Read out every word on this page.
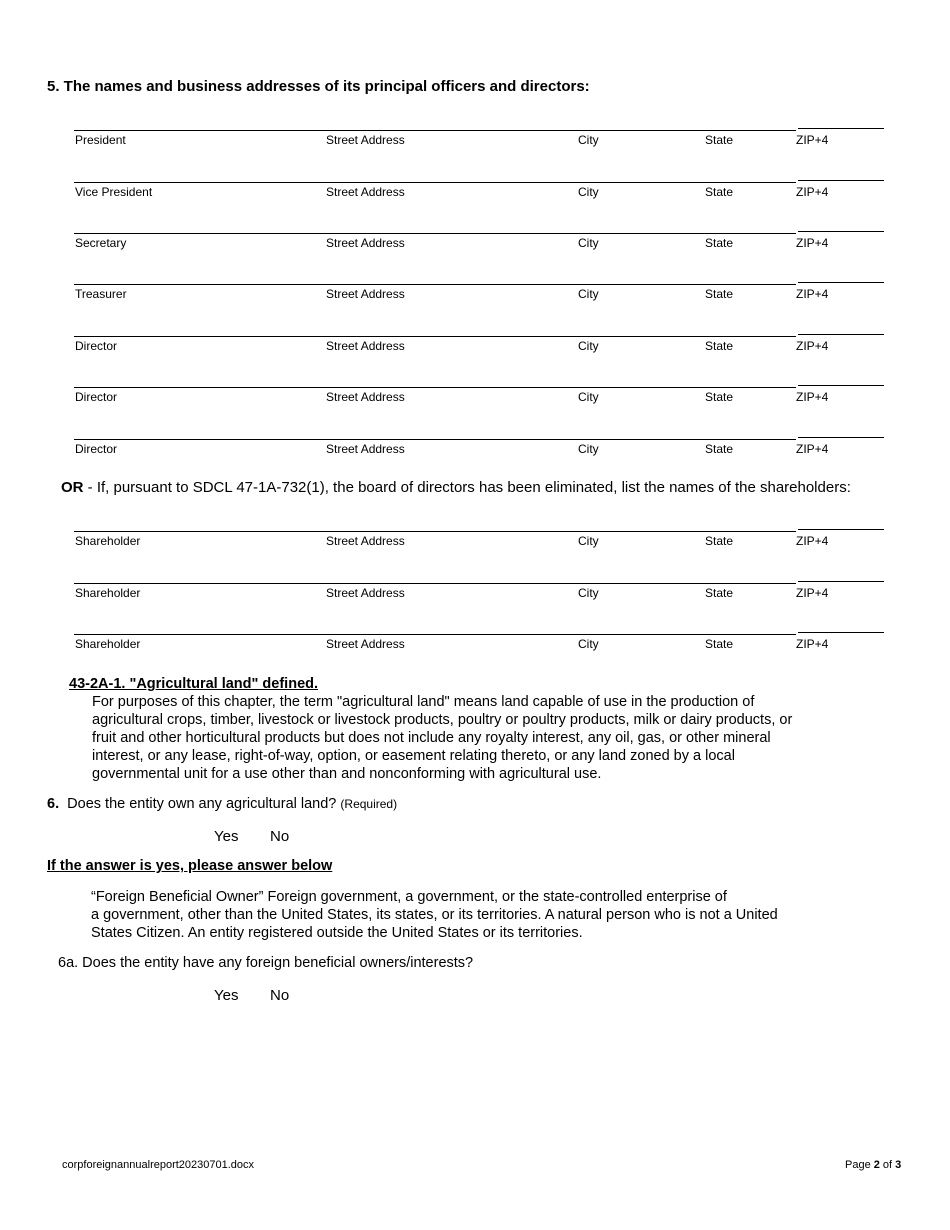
5. The names and business addresses of its principal officers and directors:
President	Street Address	City	State	ZIP+4
Vice President	Street Address	City	State	ZIP+4
Secretary	Street Address	City	State	ZIP+4
Treasurer	Street Address	City	State	ZIP+4
Director	Street Address	City	State	ZIP+4
Director	Street Address	City	State	ZIP+4
Director	Street Address	City	State	ZIP+4
OR - If, pursuant to SDCL 47-1A-732(1), the board of directors has been eliminated, list the names of the shareholders:
Shareholder	Street Address	City	State	ZIP+4
Shareholder	Street Address	City	State	ZIP+4
Shareholder	Street Address	City	State	ZIP+4
43-2A-1. "Agricultural land" defined.
For purposes of this chapter, the term "agricultural land" means land capable of use in the production of
agricultural crops, timber, livestock or livestock products, poultry or poultry products, milk or dairy products, or
fruit and other horticultural products but does not include any royalty interest, any oil, gas, or other mineral
interest, or any lease, right-of-way, option, or easement relating thereto, or any land zoned by a local
governmental unit for a use other than and nonconforming with agricultural use.
6. Does the entity own any agricultural land? (Required)
Yes No
If the answer is yes, please answer below
“Foreign Beneficial Owner” Foreign government, a government, or the state-controlled enterprise of
a government, other than the United States, its states, or its territories. A natural person who is not a United
States Citizen. An entity registered outside the United States or its territories.
6a. Does the entity have any foreign beneficial owners/interests?
Yes No
corpforeignannualreport20230701.docx	Page 2 of 3
